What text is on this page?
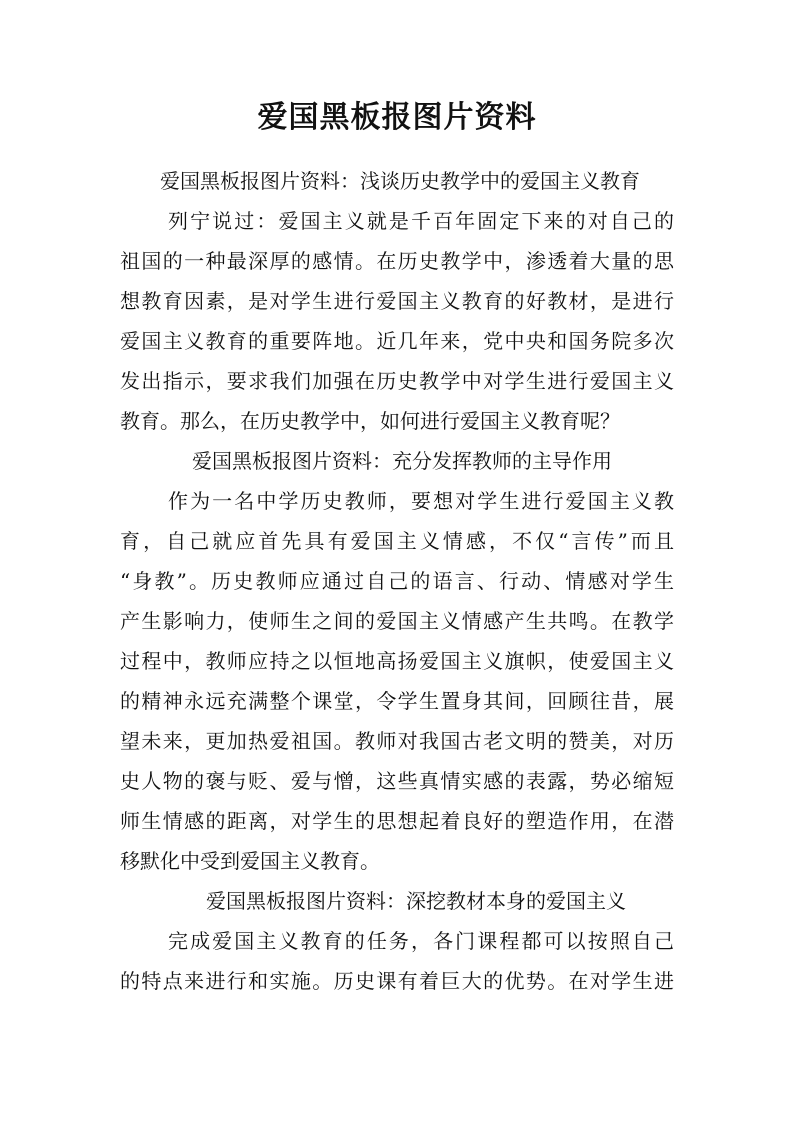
爱国黑板报图片资料
爱国黑板报图片资料：浅谈历史教学中的爱国主义教育
列宁说过：爱国主义就是千百年固定下来的对自己的
祖国的一种最深厚的感情。在历史教学中，渗透着大量的思
想教育因素，是对学生进行爱国主义教育的好教材，是进行
爱国主义教育的重要阵地。近几年来，党中央和国务院多次
发出指示，要求我们加强在历史教学中对学生进行爱国主义
教育。那么，在历史教学中，如何进行爱国主义教育呢？
爱国黑板报图片资料：充分发挥教师的主导作用
作为一名中学历史教师，要想对学生进行爱国主义教
育，自己就应首先具有爱国主义情感，不仅“言传”而且
“身教”。历史教师应通过自己的语言、行动、情感对学生
产生影响力，使师生之间的爱国主义情感产生共鸣。在教学
过程中，教师应持之以恒地高扬爱国主义旗帜，使爱国主义
的精神永远充满整个课堂，令学生置身其间，回顾往昔，展
望未来，更加热爱祖国。教师对我国古老文明的赞美，对历
史人物的褒与贬、爱与憎，这些真情实感的表露，势必缩短
师生情感的距离，对学生的思想起着良好的塑造作用，在潜
移默化中受到爱国主义教育。
爱国黑板报图片资料：深挖教材本身的爱国主义
完成爱国主义教育的任务，各门课程都可以按照自己
的特点来进行和实施。历史课有着巨大的优势。在对学生进
